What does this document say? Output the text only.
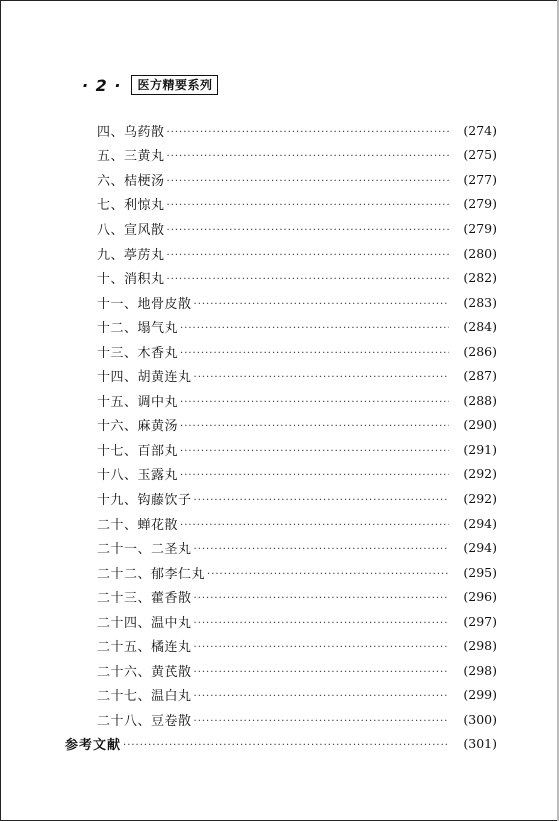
· 2 ·	医方精要系列
四、乌药散 ·····	(274)
五、三黄丸 ·····	(275)
六、桔梗汤 ·····	(277)
七、利惊丸 ·····	(279)
八、宣风散 ·····	(279)
九、葶苈丸 ·····	(280)
十、消积丸 ·····	(282)
十一、地骨皮散 ·····	(283)
十二、塌气丸 ·····	(284)
十三、木香丸 ·····	(286)
十四、胡黄连丸 ·····	(287)
十五、调中丸 ·····	(288)
十六、麻黄汤 ·····	(290)
十七、百部丸 ·····	(291)
十八、玉露丸 ·····	(292)
十九、钩藤饮子 ·····	(292)
二十、蝉花散 ·····	(294)
二十一、二圣丸 ·····	(294)
二十二、郁李仁丸 ·····	(295)
二十三、藿香散 ·····	(296)
二十四、温中丸 ·····	(297)
二十五、橘连丸 ·····	(298)
二十六、黄芪散 ·····	(298)
二十七、温白丸 ·····	(299)
二十八、豆卷散 ·····	(300)
参考文献 ·····	(301)
